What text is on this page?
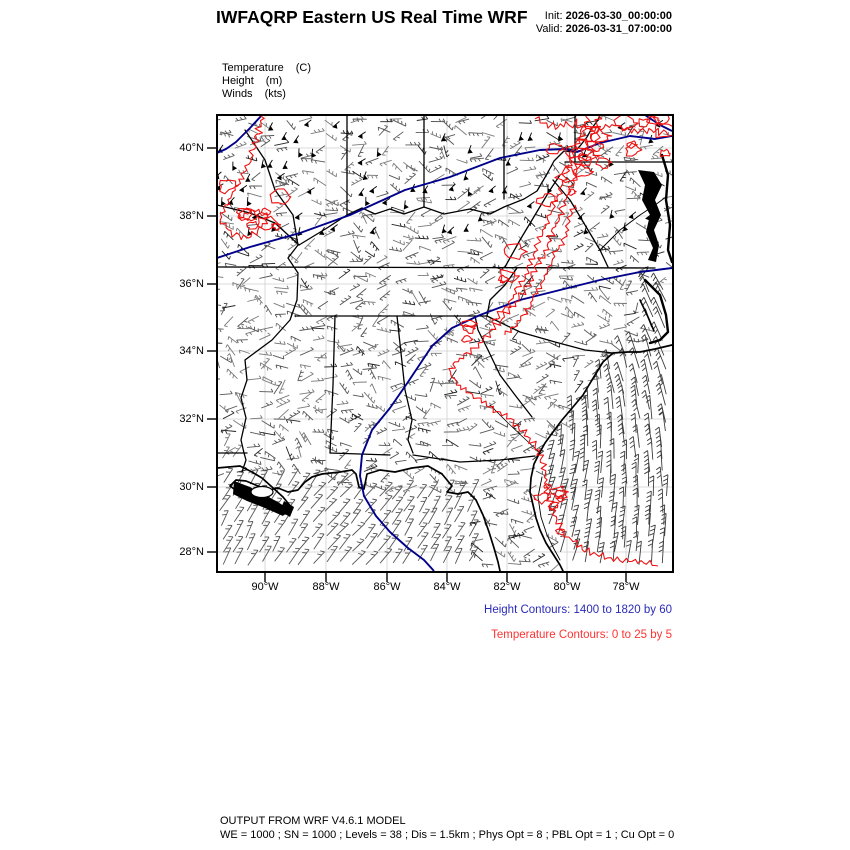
IWFAQRP Eastern US Real Time WRF	Init: 2026-03-30_00:00:00
Valid: 2026-03-31_07:00:00
Temperature (C)
Height (m)
Winds (kts)
40°N
38°N
36°N
34°N
32°N
30°N
28°N
90°W	88°W	86°W	84°W	82°W	80°W	78°W
Height Contours: 1400 to 1820 by 60
Temperature Contours: 0 to 25 by 5
OUTPUT FROM WRF V4.6.1 MODEL
WE = 1000 ; SN = 1000 ; Levels = 38 ; Dis = 1.5km ; Phys Opt = 8 ; PBL Opt = 1 ; Cu Opt = 0
